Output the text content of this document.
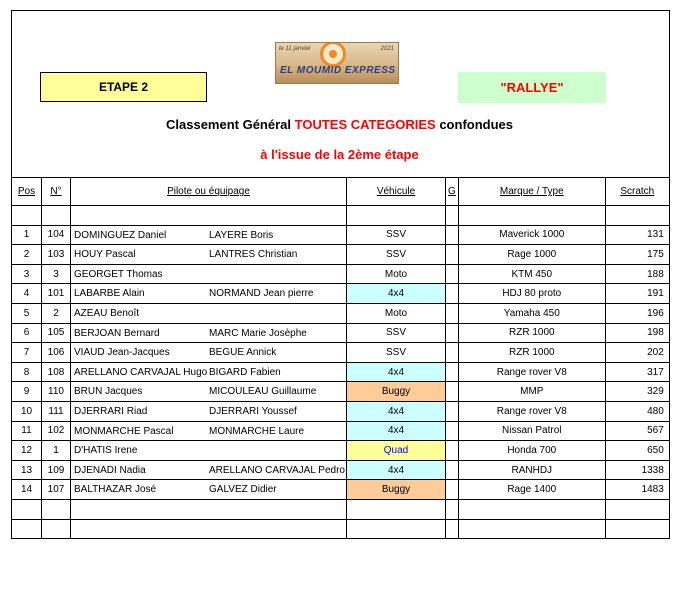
le 11 janvier	2021
EL MOUMID EXPRESS
ETAPE 2	"RALLYE"
Classement Général TOUTES CATEGORIES confondues
à l'issue de la 2ème étape
Pos	N°	Pilote ou équipage	Véhicule	G	Marque / Type	Scratch

1	104	DOMINGUEZ Daniel LAYERE Boris	SSV		Maverick 1000	131
2	103	HOUY Pascal LANTRES Christian	SSV		Rage 1000	175
3	3	GEORGET Thomas	Moto		KTM 450	188
4	101	LABARBE Alain NORMAND Jean pierre	4x4		HDJ 80 proto	191
5	2	AZEAU Benoît	Moto		Yamaha 450	196
6	105	BERJOAN Bernard MARC Marie Josèphe	SSV		RZR 1000	198
7	106	VIAUD Jean-Jacques BEGUE Annick	SSV		RZR 1000	202
8	108	ARELLANO CARVAJAL Hugo BIGARD Fabien	4x4		Range rover V8	317
9	110	BRUN Jacques MICOULEAU Guillaume	Buggy		MMP	329
10	111	DJERRARI Riad DJERRARI Youssef	4x4		Range rover V8	480
11	102	MONMARCHE Pascal MONMARCHE Laure	4x4		Nissan Patrol	567
12	1	D'HATIS Irene	Quad		Honda 700	650
13	109	DJENADI Nadia ARELLANO CARVAJAL Pedro	4x4		RANHDJ	1338
14	107	BALTHAZAR José GALVEZ Didier	Buggy		Rage 1400	1483
